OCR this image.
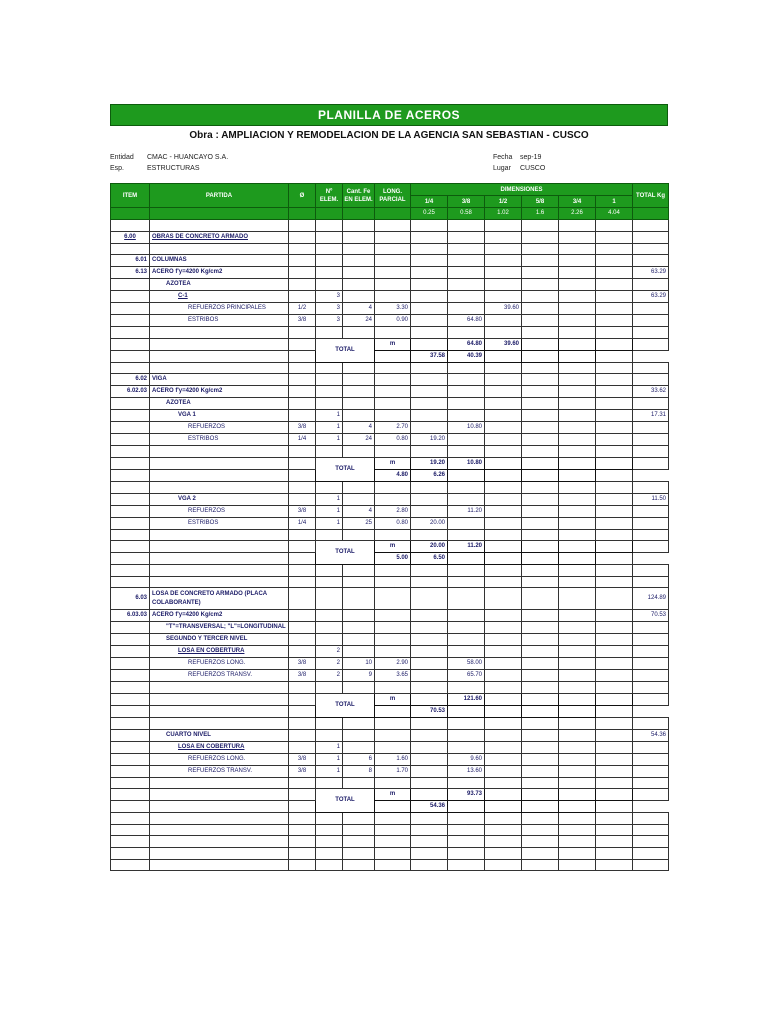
PLANILLA DE ACEROS
Obra : AMPLIACION Y REMODELACION DE LA AGENCIA SAN SEBASTIAN - CUSCO
Entidad CMAC - HUANCAYO S.A.
Esp.	ESTRUCTURAS
Fecha sep-19
Lugar CUSCO
ITEM	PARTIDA	Ø	Nº ELEM.	Cant. Fe EN ELEM.	LONG. PARCIAL	DIMENSIONES						TOTAL Kg
						1/4	3/8	1/2	5/8	3/4	1	
						0.25	0.58	1.02	1.6	2.26	4.04	

6.00	OBRAS DE CONCRETO ARMADO											

6.01	COLUMNAS											
6.13	ACERO f'y=4200 Kg/cm2											63.29
	AZOTEA											
	C-1		3									63.29
	REFUERZOS PRINCIPALES	1/2	3	4	3.30			39.60				
	ESTRIBOS	3/8	3	24	0.90		64.80					

			TOTAL		m		64.80	39.60				
						37.58	40.39					

6.02	VIGA											
6.02.03	ACERO f'y=4200 Kg/cm2											33.62
	AZOTEA											
	VGA 1		1									17.31
	REFUERZOS	3/8	1	4	2.70		10.80					
	ESTRIBOS	1/4	1	24	0.80	19.20						

			TOTAL		m	19.20	10.80					
					4.80	6.26						

	VGA 2		1									11.50
	REFUERZOS	3/8	1	4	2.80		11.20					
	ESTRIBOS	1/4	1	25	0.80	20.00						

			TOTAL		m	20.00	11.20					
					5.00	6.50						

6.03	LOSA DE CONCRETO ARMADO (PLACA COLABORANTE)											124.89
6.03.03	ACERO f'y=4200 Kg/cm2											70.53
	"T"=TRANSVERSAL; "L"=LONGITUDINAL											
	SEGUNDO Y TERCER NIVEL											
	LOSA EN COBERTURA		2									
	REFUERZOS LONG.	3/8	2	10	2.90		58.00					
	REFUERZOS TRANSV.	3/8	2	9	3.65		65.70					

			TOTAL		m		121.60					
						70.53						

	CUARTO NIVEL											54.36
	LOSA EN COBERTURA		1									
	REFUERZOS LONG.	3/8	1	6	1.60		9.60					
	REFUERZOS TRANSV.	3/8	1	8	1.70		13.60					

			TOTAL		m		93.73					
						54.36						
